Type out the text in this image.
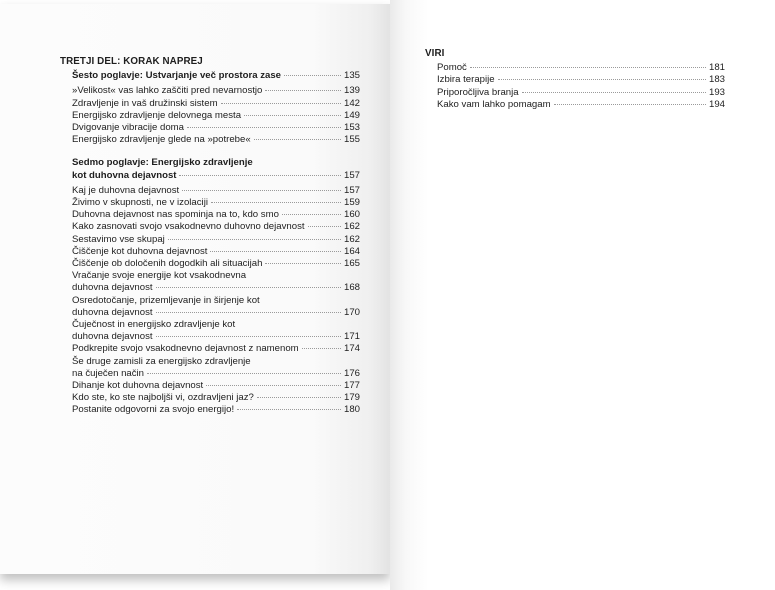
TRETJI DEL: KORAK NAPREJ
Šesto poglavje: Ustvarjanje več prostora zase	135
»Velikost« vas lahko zaščiti pred nevarnostjo	139
Zdravljenje in vaš družinski sistem	142
Energijsko zdravljenje delovnega mesta	149
Dvigovanje vibracije doma	153
Energijsko zdravljenje glede na »potrebe«	155
Sedmo poglavje: Energijsko zdravljenje
kot duhovna dejavnost	157
Kaj je duhovna dejavnost	157
Živimo v skupnosti, ne v izolaciji	159
Duhovna dejavnost nas spominja na to, kdo smo	160
Kako zasnovati svojo vsakodnevno duhovno dejavnost	162
Sestavimo vse skupaj	162
Čiščenje kot duhovna dejavnost	164
Čiščenje ob določenih dogodkih ali situacijah	165
Vračanje svoje energije kot vsakodnevna
duhovna dejavnost	168
Osredotočanje, prizemljevanje in širjenje kot
duhovna dejavnost	170
Čuječnost in energijsko zdravljenje kot
duhovna dejavnost	171
Podkrepite svojo vsakodnevno dejavnost z namenom	174
Še druge zamisli za energijsko zdravljenje
na čuječen način	176
Dihanje kot duhovna dejavnost	177
Kdo ste, ko ste najboljši vi, ozdravljeni jaz?	179
Postanite odgovorni za svojo energijo!	180
VIRI
Pomoč	181
Izbira terapije	183
Priporočljiva branja	193
Kako vam lahko pomagam	194
